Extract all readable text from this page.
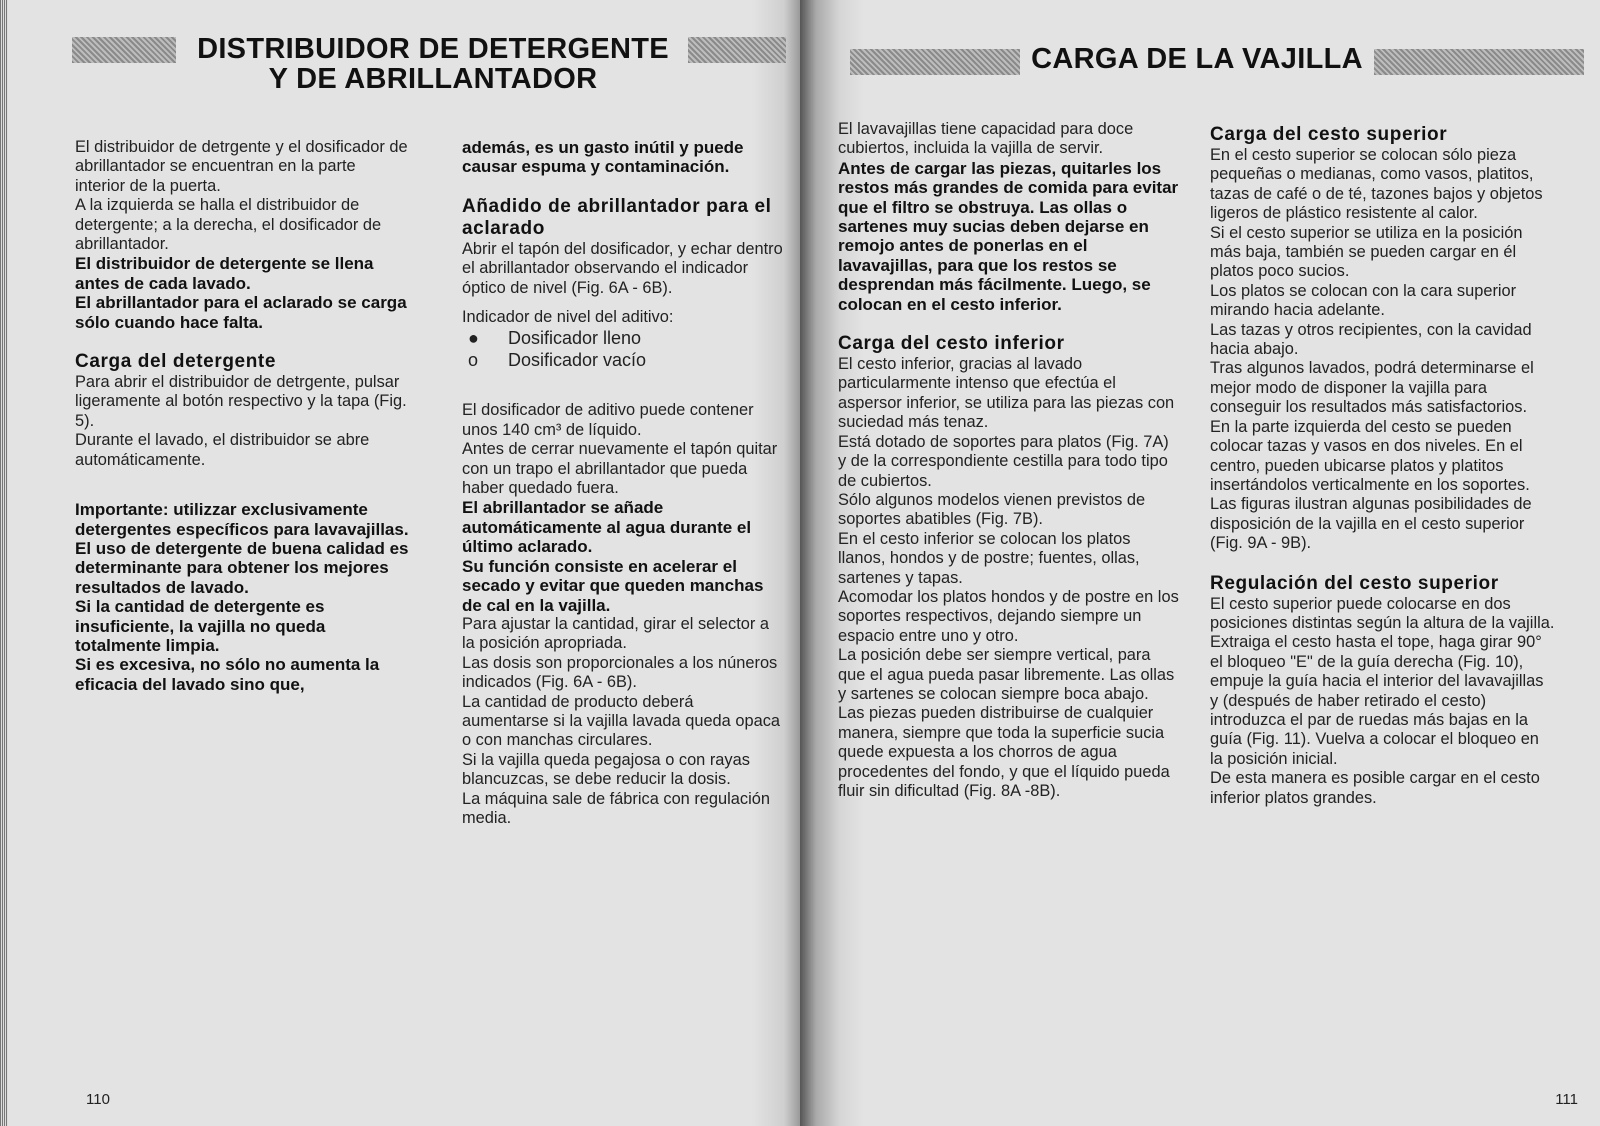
DISTRIBUIDOR DE DETERGENTE
Y DE ABRILLANTADOR

El distribuidor de detrgente y el dosificador de abrillantador se encuentran en la parte interior de la puerta.

A la izquierda se halla el distribuidor de detergente; a la derecha, el dosificador de abrillantador.

El distribuidor de detergente se llena antes de cada lavado.

El abrillantador para el aclarado se carga sólo cuando hace falta.

Carga del detergente

Para abrir el distribuidor de detrgente, pulsar ligeramente al botón respectivo y la tapa (Fig. 5).

Durante el lavado, el distribuidor se abre automáticamente.

Importante: utilizzar exclusivamente detergentes específicos para lavavajillas.

El uso de detergente de buena calidad es determinante para obtener los mejores resultados de lavado.

Si la cantidad de detergente es insuficiente, la vajilla no queda totalmente limpia.

Si es excesiva, no sólo no aumenta la eficacia del lavado sino que,

además, es un gasto inútil y puede causar espuma y contaminación.

Añadido de abrillantador para el aclarado

Abrir el tapón del dosificador, y echar dentro el abrillantador observando el indicador óptico de nivel (Fig. 6A - 6B).

Indicador de nivel del aditivo:

●	Dosificador lleno
o	Dosificador vacío

El dosificador de aditivo puede contener unos 140 cm³ de líquido.

Antes de cerrar nuevamente el tapón quitar con un trapo el abrillantador que pueda haber quedado fuera.

El abrillantador se añade automáticamente al agua durante el último aclarado.

Su función consiste en acelerar el secado y evitar que queden manchas de cal en la vajilla.

Para ajustar la cantidad, girar el selector a la posición apropriada.

Las dosis son proporcionales a los núneros indicados (Fig. 6A - 6B).

La cantidad de producto deberá aumentarse si la vajilla lavada queda opaca o con manchas circulares.

Si la vajilla queda pegajosa o con rayas blancuzcas, se debe reducir la dosis.

La máquina sale de fábrica con regulación media.

110
CARGA DE LA VAJILLA

El lavavajillas tiene capacidad para doce cubiertos, incluida la vajilla de servir.

Antes de cargar las piezas, quitarles los restos más grandes de comida para evitar que el filtro se obstruya. Las ollas o sartenes muy sucias deben dejarse en remojo antes de ponerlas en el lavavajillas, para que los restos se desprendan más fácilmente. Luego, se colocan en el cesto inferior.

Carga del cesto inferior

El cesto inferior, gracias al lavado particularmente intenso que efectúa el aspersor inferior, se utiliza para las piezas con suciedad más tenaz.

Está dotado de soportes para platos (Fig. 7A) y de la correspondiente cestilla para todo tipo de cubiertos.

Sólo algunos modelos vienen previstos de soportes abatibles (Fig. 7B).

En el cesto inferior se colocan los platos llanos, hondos y de postre; fuentes, ollas, sartenes y tapas.

Acomodar los platos hondos y de postre en los soportes respectivos, dejando siempre un espacio entre uno y otro.

La posición debe ser siempre vertical, para que el agua pueda pasar libremente. Las ollas y sartenes se colocan siempre boca abajo.

Las piezas pueden distribuirse de cualquier manera, siempre que toda la superficie sucia quede expuesta a los chorros de agua procedentes del fondo, y que el líquido pueda fluir sin dificultad (Fig. 8A -8B).

Carga del cesto superior

En el cesto superior se colocan sólo pieza pequeñas o medianas, como vasos, platitos, tazas de café o de té, tazones bajos y objetos ligeros de plástico resistente al calor.

Si el cesto superior se utiliza en la posición más baja, también se pueden cargar en él platos poco sucios.

Los platos se colocan con la cara superior mirando hacia adelante.

Las tazas y otros recipientes, con la cavidad hacia abajo.

Tras algunos lavados, podrá determinarse el mejor modo de disponer la vajilla para conseguir los resultados más satisfactorios.

En la parte izquierda del cesto se pueden colocar tazas y vasos en dos niveles. En el centro, pueden ubicarse platos y platitos insertándolos verticalmente en los soportes.

Las figuras ilustran algunas posibilidades de disposición de la vajilla en el cesto superior (Fig. 9A - 9B).

Regulación del cesto superior

El cesto superior puede colocarse en dos posiciones distintas según la altura de la vajilla.

Extraiga el cesto hasta el tope, haga girar 90° el bloqueo "E" de la guía derecha (Fig. 10), empuje la guía hacia el interior del lavavajillas y (después de haber retirado el cesto) introduzca el par de ruedas más bajas en la guía (Fig. 11). Vuelva a colocar el bloqueo en la posición inicial.

De esta manera es posible cargar en el cesto inferior platos grandes.

111
